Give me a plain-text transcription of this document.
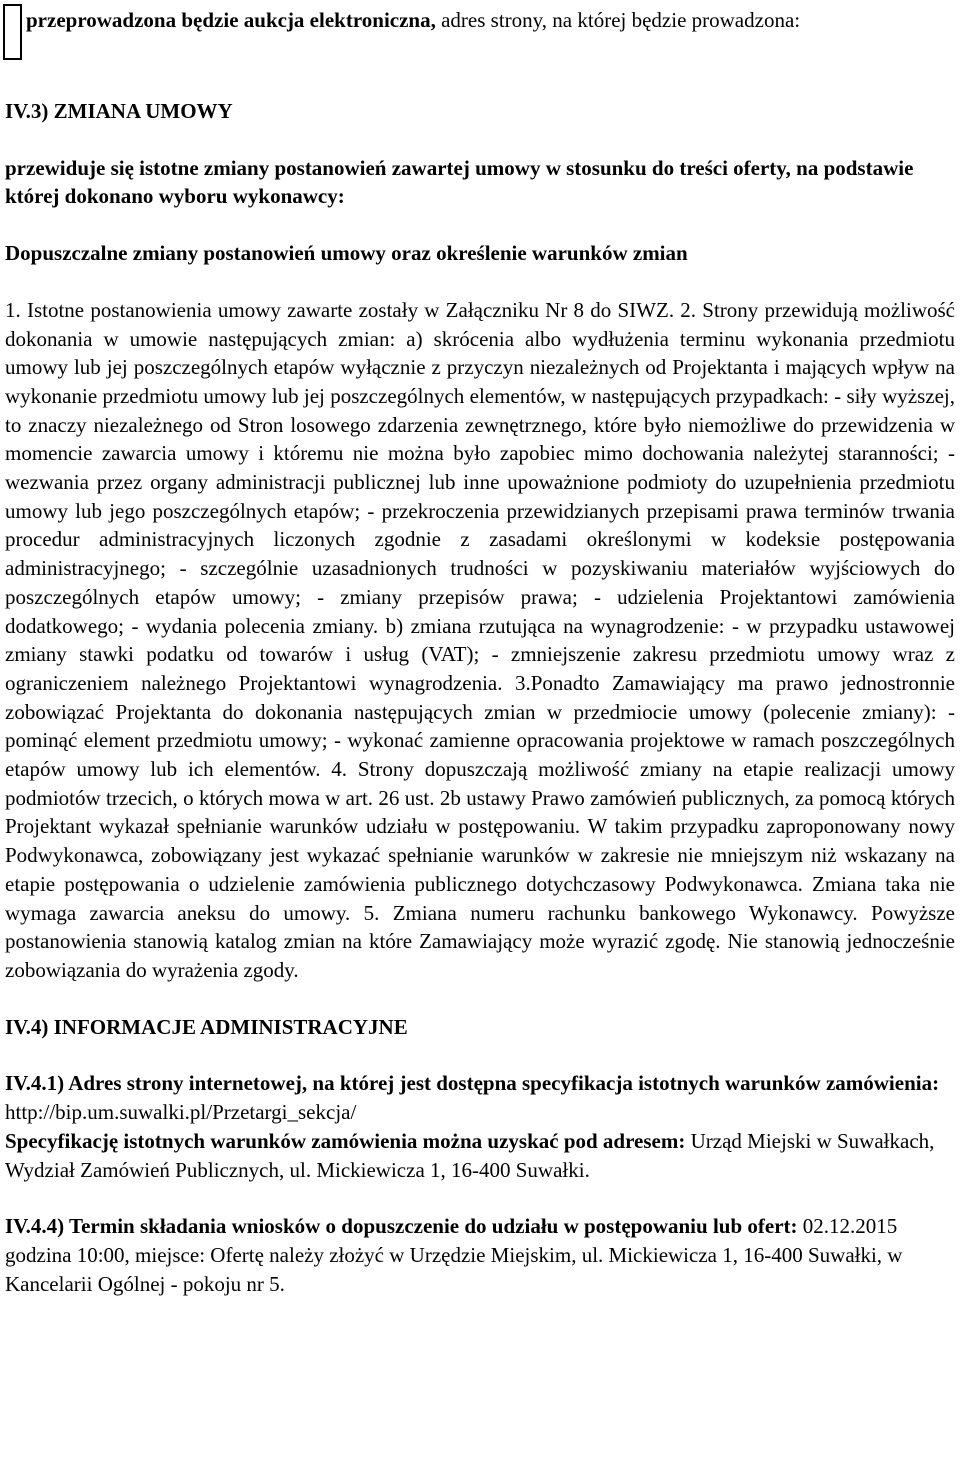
przeprowadzona będzie aukcja elektroniczna, adres strony, na której będzie prowadzona:

IV.3) ZMIANA UMOWY

przewiduje się istotne zmiany postanowień zawartej umowy w stosunku do treści oferty, na podstawie której dokonano wyboru wykonawcy:

Dopuszczalne zmiany postanowień umowy oraz określenie warunków zmian

1. Istotne postanowienia umowy zawarte zostały w Załączniku Nr 8 do SIWZ. 2. Strony przewidują możliwość dokonania w umowie następujących zmian: a) skrócenia albo wydłużenia terminu wykonania przedmiotu umowy lub jej poszczególnych etapów wyłącznie z przyczyn niezależnych od Projektanta i mających wpływ na wykonanie przedmiotu umowy lub jej poszczególnych elementów, w następujących przypadkach: - siły wyższej, to znaczy niezależnego od Stron losowego zdarzenia zewnętrznego, które było niemożliwe do przewidzenia w momencie zawarcia umowy i któremu nie można było zapobiec mimo dochowania należytej staranności; - wezwania przez organy administracji publicznej lub inne upoważnione podmioty do uzupełnienia przedmiotu umowy lub jego poszczególnych etapów; - przekroczenia przewidzianych przepisami prawa terminów trwania procedur administracyjnych liczonych zgodnie z zasadami określonymi w kodeksie postępowania administracyjnego; - szczególnie uzasadnionych trudności w pozyskiwaniu materiałów wyjściowych do poszczególnych etapów umowy; - zmiany przepisów prawa; - udzielenia Projektantowi zamówienia dodatkowego; - wydania polecenia zmiany. b) zmiana rzutująca na wynagrodzenie: - w przypadku ustawowej zmiany stawki podatku od towarów i usług (VAT); - zmniejszenie zakresu przedmiotu umowy wraz z ograniczeniem należnego Projektantowi wynagrodzenia. 3.Ponadto Zamawiający ma prawo jednostronnie zobowiązać Projektanta do dokonania następujących zmian w przedmiocie umowy (polecenie zmiany): - pominąć element przedmiotu umowy; - wykonać zamienne opracowania projektowe w ramach poszczególnych etapów umowy lub ich elementów. 4. Strony dopuszczają możliwość zmiany na etapie realizacji umowy podmiotów trzecich, o których mowa w art. 26 ust. 2b ustawy Prawo zamówień publicznych, za pomocą których Projektant wykazał spełnianie warunków udziału w postępowaniu. W takim przypadku zaproponowany nowy Podwykonawca, zobowiązany jest wykazać spełnianie warunków w zakresie nie mniejszym niż wskazany na etapie postępowania o udzielenie zamówienia publicznego dotychczasowy Podwykonawca. Zmiana taka nie wymaga zawarcia aneksu do umowy. 5. Zmiana numeru rachunku bankowego Wykonawcy. Powyższe postanowienia stanowią katalog zmian na które Zamawiający może wyrazić zgodę. Nie stanowią jednocześnie zobowiązania do wyrażenia zgody.

IV.4) INFORMACJE ADMINISTRACYJNE

IV.4.1) Adres strony internetowej, na której jest dostępna specyfikacja istotnych warunków zamówienia: http://bip.um.suwalki.pl/Przetargi_sekcja/
Specyfikację istotnych warunków zamówienia można uzyskać pod adresem: Urząd Miejski w Suwałkach, Wydział Zamówień Publicznych, ul. Mickiewicza 1, 16-400 Suwałki.

IV.4.4) Termin składania wniosków o dopuszczenie do udziału w postępowaniu lub ofert: 02.12.2015 godzina 10:00, miejsce: Ofertę należy złożyć w Urzędzie Miejskim, ul. Mickiewicza 1, 16-400 Suwałki, w Kancelarii Ogólnej - pokoju nr 5.
